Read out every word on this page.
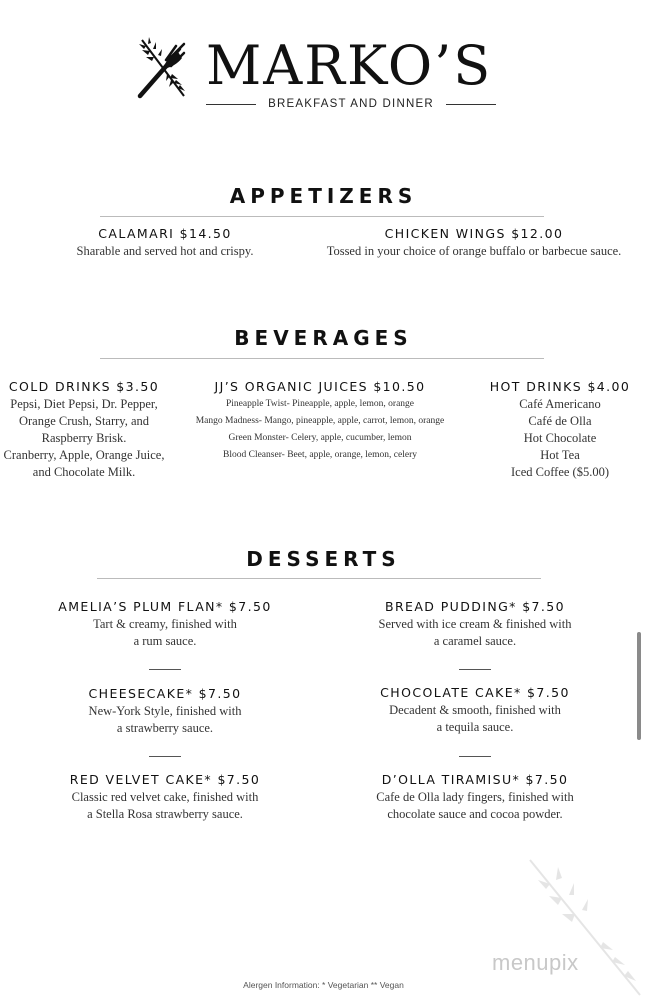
MARKO’S
BREAKFAST AND DINNER
APPETIZERS
CALAMARI $14.50
Sharable and served hot and crispy.
CHICKEN WINGS $12.00
Tossed in your choice of orange buffalo or barbecue sauce.
BEVERAGES
COLD DRINKS $3.50
Pepsi, Diet Pepsi, Dr. Pepper,
Orange Crush, Starry, and
Raspberry Brisk.
Cranberry, Apple, Orange Juice,
and Chocolate Milk.
JJ’S ORGANIC JUICES $10.50
Pineapple Twist- Pineapple, apple, lemon, orange
Mango Madness- Mango, pineapple, apple, carrot, lemon, orange
Green Monster- Celery, apple, cucumber, lemon
Blood Cleanser- Beet, apple, orange, lemon, celery
HOT DRINKS $4.00
Café Americano
Café de Olla
Hot Chocolate
Hot Tea
Iced Coffee ($5.00)
DESSERTS
AMELIA’S PLUM FLAN* $7.50
Tart & creamy, finished with
a rum sauce.
BREAD PUDDING* $7.50
Served with ice cream & finished with
a caramel sauce.
CHEESECAKE* $7.50
New-York Style, finished with
a strawberry sauce.
CHOCOLATE CAKE* $7.50
Decadent & smooth, finished with
a tequila sauce.
RED VELVET CAKE* $7.50
Classic red velvet cake, finished with
a Stella Rosa strawberry sauce.
D’OLLA TIRAMISU* $7.50
Cafe de Olla lady fingers, finished with
chocolate sauce and cocoa powder.
menupix
Alergen Information: * Vegetarian ** Vegan
